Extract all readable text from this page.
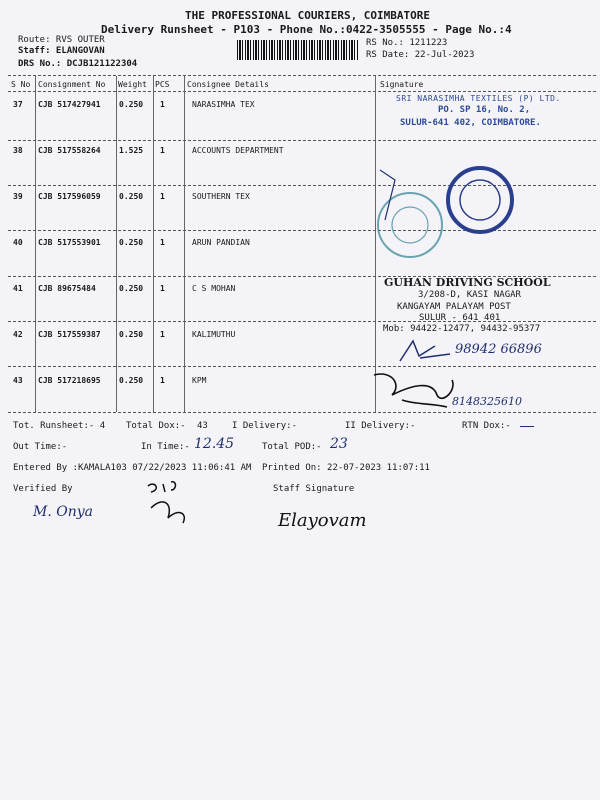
THE PROFESSIONAL COURIERS, COIMBATORE
Delivery Runsheet - P103 - Phone No.:0422-3505555 - Page No.:4
Route: RVS OUTER
Staff: ELANGOVAN
DRS No.: DCJB121122304
RS No.: 1211223
RS Date: 22-Jul-2023
S No Consignment No Weight PCS Consignee Details	Signature
37 CJB 517427941 0.250 1	NARASIMHA TEX
38 CJB 517558264 1.525 1	ACCOUNTS DEPARTMENT
39 CJB 517596059 0.250 1	SOUTHERN TEX
40 CJB 517553901 0.250 1	ARUN PANDIAN
41 CJB 89675484	0.250 1	C S MOHAN
42 CJB 517559387 0.250 1	KALIMUTHU
43 CJB 517218695 0.250 1	KPM
SRI NARASIMHA TEXTILES (P) LTD.
PO. SP 16, No. 2,
SULUR-641 402, COIMBATORE.
GUHAN DRIVING SCHOOL
3/208-D, KASI NAGAR
KANGAYAM PALAYAM POST
SULUR - 641 401
Mob: 94422-12477, 94432-95377
98942 66896
8148325610
Tot. Runsheet:- 4 Total Dox:- 43	I Delivery:-	II Delivery:-	RTN Dox:-
Out Time:-	In Time:- 12.45	Total POD:- 23
Entered By :KAMALA103 07/22/2023 11:06:41 AM Printed On: 22-07-2023 11:07:11
Verified By	Staff Signature
M. Onya	Elayovam
